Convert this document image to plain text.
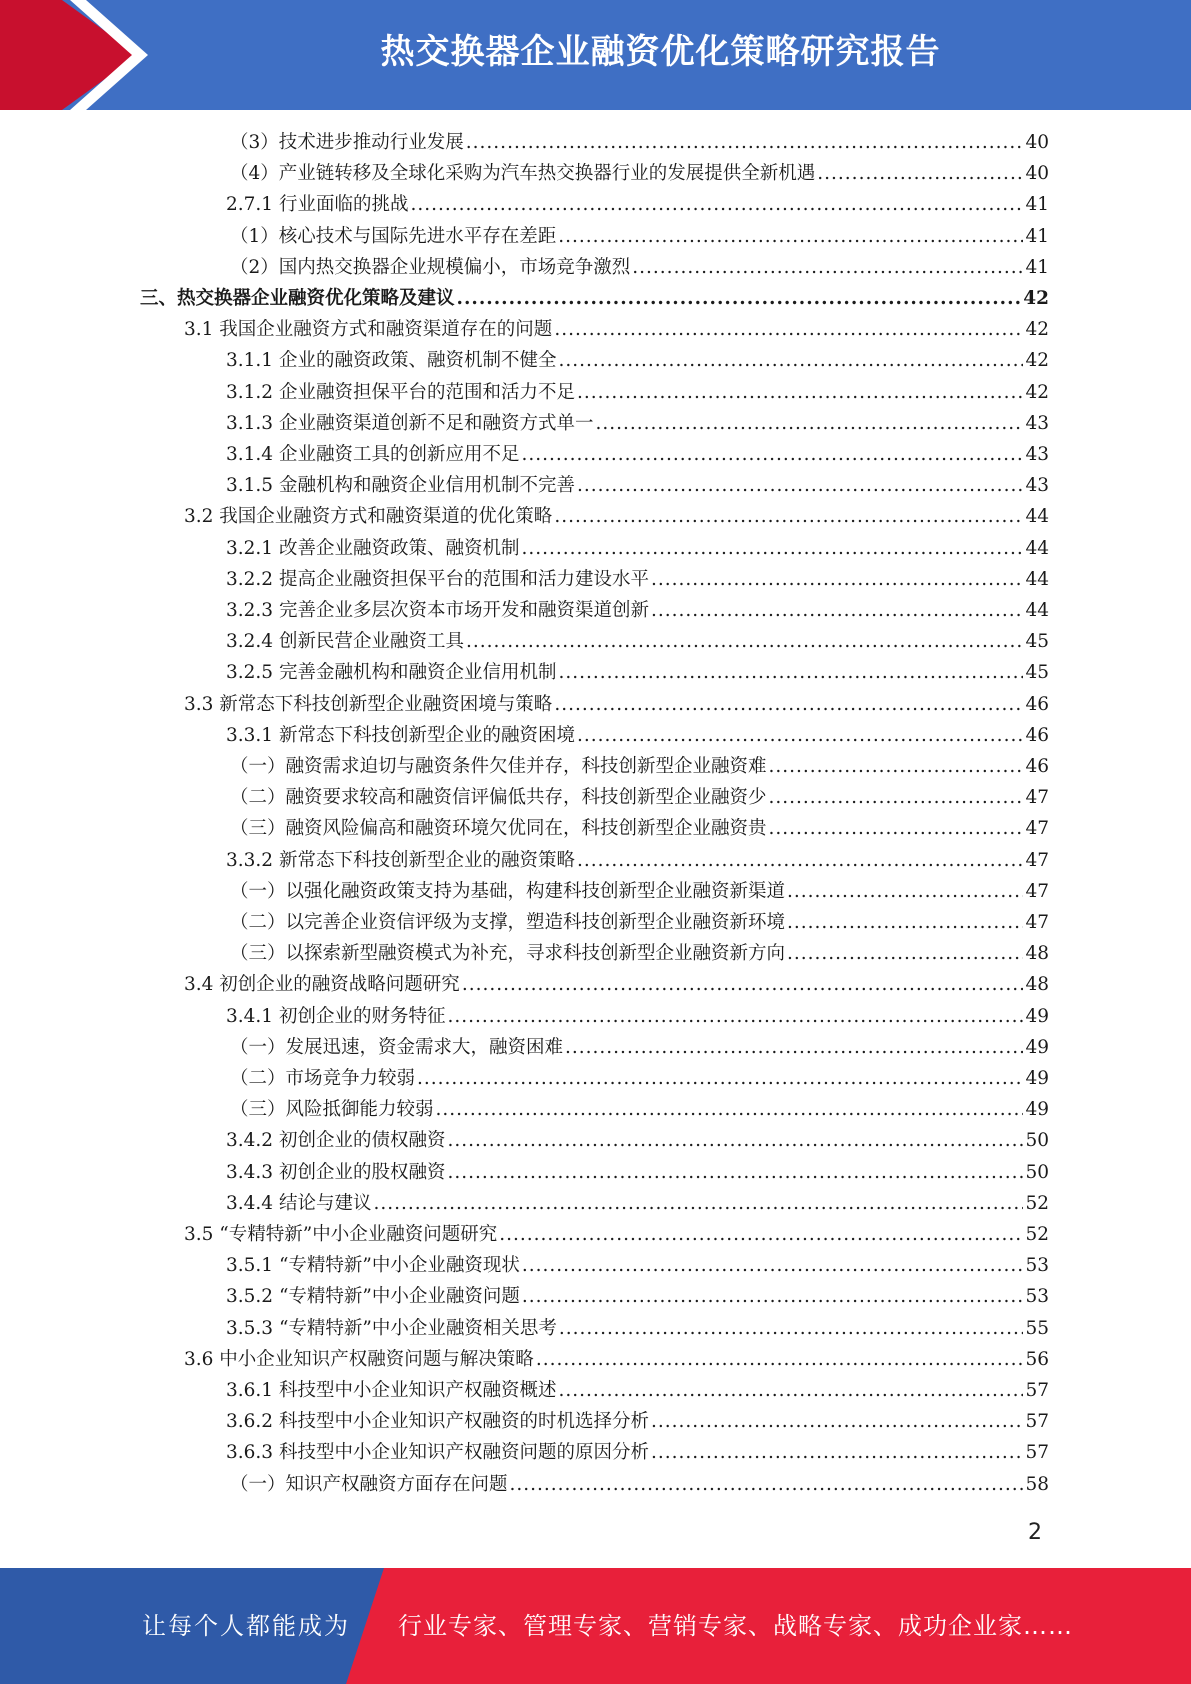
热交换器企业融资优化策略研究报告
（3）技术进步推动行业发展 .....	40
（4）产业链转移及全球化采购为汽车热交换器行业的发展提供全新机遇 .....	40
2.7.1 行业面临的挑战 .....	41
（1）核心技术与国际先进水平存在差距 .....	41
（2）国内热交换器企业规模偏小，市场竞争激烈 .....	41
三、热交换器企业融资优化策略及建议 .....	42
3.1 我国企业融资方式和融资渠道存在的问题 .....	42
3.1.1 企业的融资政策、融资机制不健全 .....	42
3.1.2 企业融资担保平台的范围和活力不足 .....	42
3.1.3 企业融资渠道创新不足和融资方式单一 .....	43
3.1.4 企业融资工具的创新应用不足 .....	43
3.1.5 金融机构和融资企业信用机制不完善 .....	43
3.2 我国企业融资方式和融资渠道的优化策略 .....	44
3.2.1 改善企业融资政策、融资机制 .....	44
3.2.2 提高企业融资担保平台的范围和活力建设水平 .....	44
3.2.3 完善企业多层次资本市场开发和融资渠道创新 .....	44
3.2.4 创新民营企业融资工具 .....	45
3.2.5 完善金融机构和融资企业信用机制 .....	45
3.3 新常态下科技创新型企业融资困境与策略 .....	46
3.3.1 新常态下科技创新型企业的融资困境 .....	46
（一）融资需求迫切与融资条件欠佳并存，科技创新型企业融资难 .....	46
（二）融资要求较高和融资信评偏低共存，科技创新型企业融资少 .....	47
（三）融资风险偏高和融资环境欠优同在，科技创新型企业融资贵 .....	47
3.3.2 新常态下科技创新型企业的融资策略 .....	47
（一）以强化融资政策支持为基础，构建科技创新型企业融资新渠道 .....	47
（二）以完善企业资信评级为支撑，塑造科技创新型企业融资新环境 .....	47
（三）以探索新型融资模式为补充，寻求科技创新型企业融资新方向 .....	48
3.4 初创企业的融资战略问题研究 .....	48
3.4.1 初创企业的财务特征 .....	49
（一）发展迅速，资金需求大，融资困难 .....	49
（二）市场竞争力较弱 .....	49
（三）风险抵御能力较弱 .....	49
3.4.2 初创企业的债权融资 .....	50
3.4.3 初创企业的股权融资 .....	50
3.4.4 结论与建议 .....	52
3.5 “专精特新”中小企业融资问题研究 .....	52
3.5.1 “专精特新”中小企业融资现状 .....	53
3.5.2 “专精特新”中小企业融资问题 .....	53
3.5.3 “专精特新”中小企业融资相关思考 .....	55
3.6 中小企业知识产权融资问题与解决策略 .....	56
3.6.1 科技型中小企业知识产权融资概述 .....	57
3.6.2 科技型中小企业知识产权融资的时机选择分析 .....	57
3.6.3 科技型中小企业知识产权融资问题的原因分析 .....	57
（一）知识产权融资方面存在问题 .....	58
2
让每个人都能成为 行业专家、管理专家、营销专家、战略专家、成功企业家……
